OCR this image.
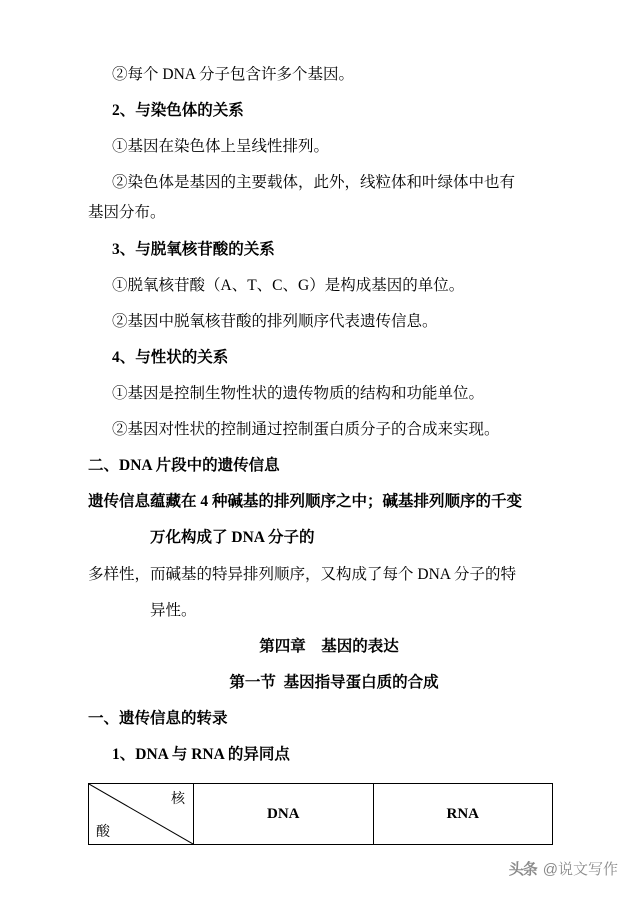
②每个 DNA 分子包含许多个基因。

2、与染色体的关系

①基因在染色体上呈线性排列。

②染色体是基因的主要载体，此外，线粒体和叶绿体中也有

基因分布。

3、与脱氧核苷酸的关系

①脱氧核苷酸（A、T、C、G）是构成基因的单位。

②基因中脱氧核苷酸的排列顺序代表遗传信息。

4、与性状的关系

①基因是控制生物性状的遗传物质的结构和功能单位。

②基因对性状的控制通过控制蛋白质分子的合成来实现。

二、DNA 片段中的遗传信息

遗传信息蕴藏在 4 种碱基的排列顺序之中；碱基排列顺序的千变

万化构成了 DNA 分子的

多样性，而碱基的特异排列顺序，又构成了每个 DNA 分子的特

异性。

第四章    基因的表达

第一节  基因指导蛋白质的合成

一、遗传信息的转录

1、DNA 与 RNA 的异同点

核
酸
	DNA	RNA
头条 @说文写作
